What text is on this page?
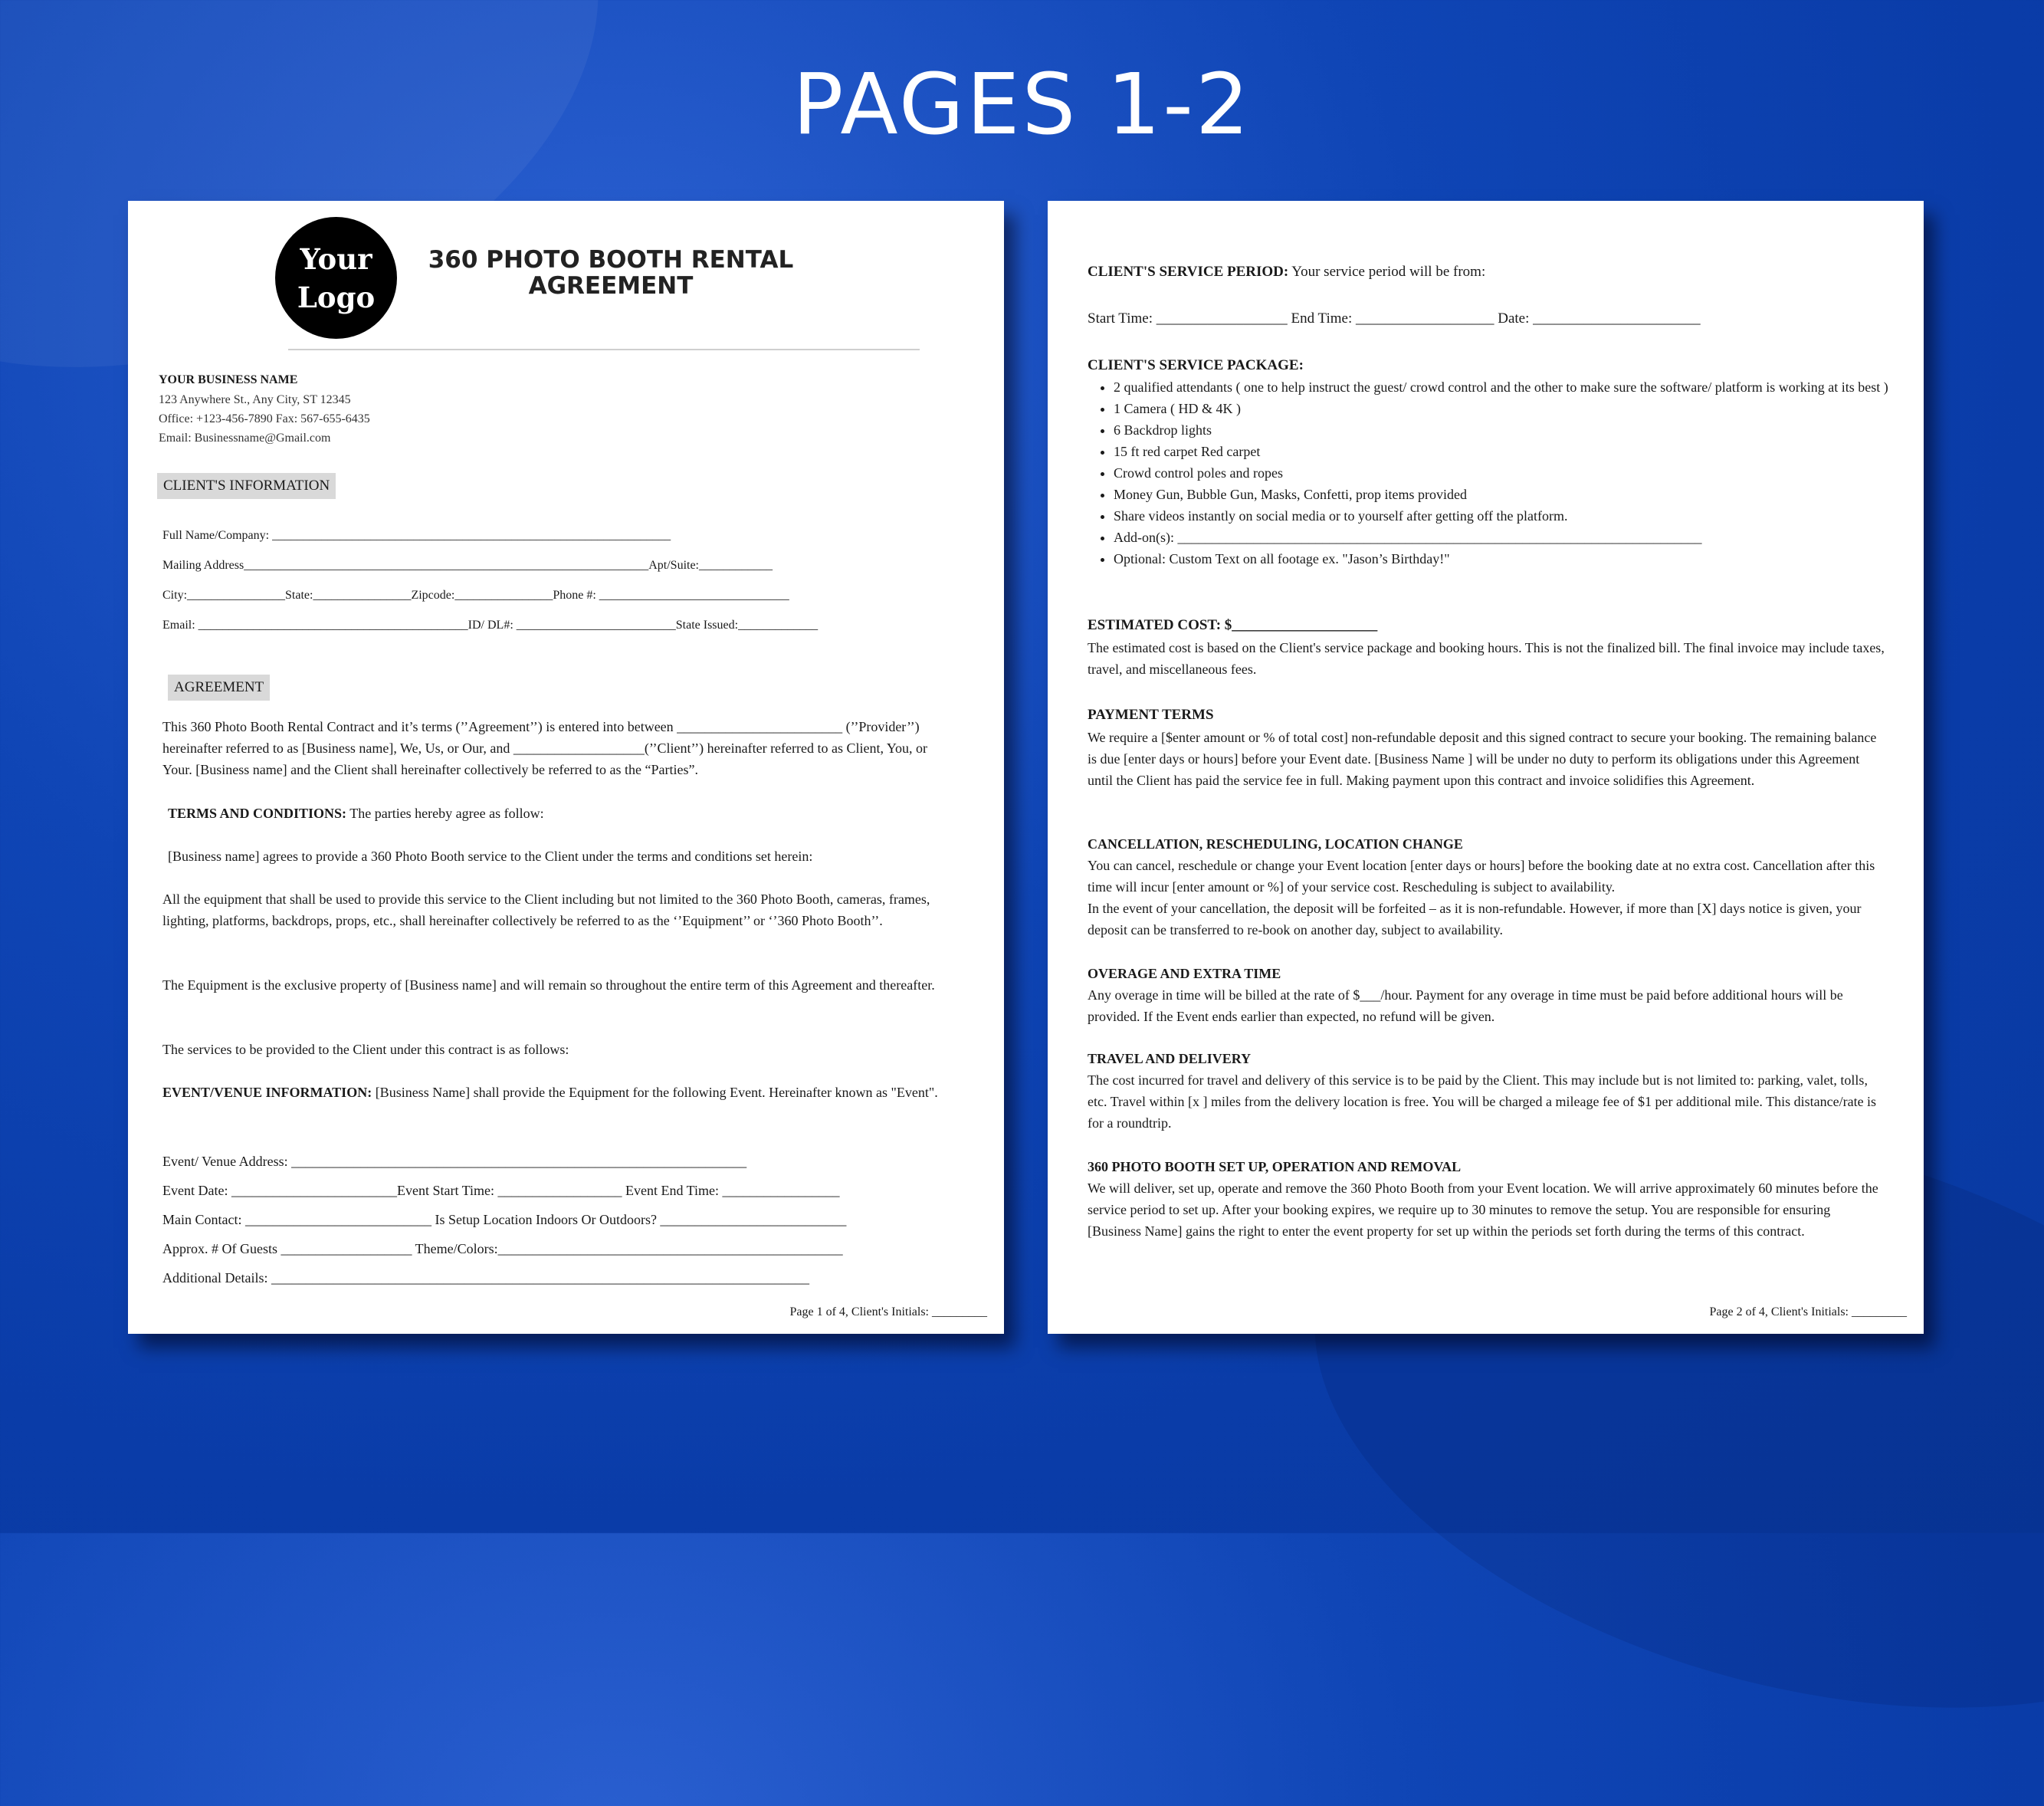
PAGES 1-2
Your
Logo
360 PHOTO BOOTH RENTAL
AGREEMENT
YOUR BUSINESS NAME
123 Anywhere St., Any City, ST 12345
Office: +123-456-7890 Fax: 567-655-6435
Email: Businessname@Gmail.com
CLIENT'S INFORMATION
Full Name/Company: _________________________________________________________________
Mailing Address__________________________________________________________________Apt/Suite:____________
City:________________State:________________Zipcode:________________Phone #: _______________________________
Email: ____________________________________________ID/ DL#: __________________________State Issued:_____________
AGREEMENT
This 360 Photo Booth Rental Contract and it’s terms (’’Agreement’’) is entered into between ________________________ (’’Provider’’) hereinafter referred to as [Business name], We, Us, or Our, and ___________________(’’Client’’) hereinafter referred to as Client, You, or Your. [Business name] and the Client shall hereinafter collectively be referred to as the “Parties”.
TERMS AND CONDITIONS: The parties hereby agree as follow:
[Business name] agrees to provide a 360 Photo Booth service to the Client under the terms and conditions set herein:
All the equipment that shall be used to provide this service to the Client including but not limited to the 360 Photo Booth, cameras, frames, lighting, platforms, backdrops, props, etc., shall hereinafter collectively be referred to as the ‘’Equipment’’ or ‘’360 Photo Booth’’.
The Equipment is the exclusive property of [Business name] and will remain so throughout the entire term of this Agreement and thereafter.
The services to be provided to the Client under this contract is as follows:
EVENT/VENUE INFORMATION: [Business Name] shall provide the Equipment for the following Event. Hereinafter known as "Event".
Event/ Venue Address: __________________________________________________________________
Event Date: ________________________Event Start Time: __________________ Event End Time: _________________
Main Contact: ___________________________ Is Setup Location Indoors Or Outdoors? ___________________________
Approx. # Of Guests ___________________ Theme/Colors:__________________________________________________
Additional Details: ______________________________________________________________________________
Page 1 of 4, Client's Initials: _________
CLIENT'S SERVICE PERIOD: Your service period will be from:
Start Time: __________________ End Time: ___________________ Date: _______________________
CLIENT'S SERVICE PACKAGE:
• 2 qualified attendants ( one to help instruct the guest/ crowd control and the other to make sure the software/ platform is working at its best )
• 1 Camera ( HD & 4K )
• 6 Backdrop lights
• 15 ft red carpet Red carpet
• Crowd control poles and ropes
• Money Gun, Bubble Gun, Masks, Confetti, prop items provided
• Share videos instantly on social media or to yourself after getting off the platform.
• Add-on(s): ____________________________________________________________________________
• Optional: Custom Text on all footage ex. "Jason’s Birthday!"
ESTIMATED COST: $____________________
The estimated cost is based on the Client's service package and booking hours. This is not the finalized bill. The final invoice may include taxes, travel, and miscellaneous fees.
PAYMENT TERMS
We require a [$enter amount or % of total cost] non-refundable deposit and this signed contract to secure your booking. The remaining balance is due [enter days or hours] before your Event date. [Business Name ] will be under no duty to perform its obligations under this Agreement until the Client has paid the service fee in full. Making payment upon this contract and invoice solidifies this Agreement.
CANCELLATION, RESCHEDULING, LOCATION CHANGE
You can cancel, reschedule or change your Event location [enter days or hours] before the booking date at no extra cost. Cancellation after this time will incur [enter amount or %] of your service cost. Rescheduling is subject to availability.
In the event of your cancellation, the deposit will be forfeited – as it is non-refundable. However, if more than [X] days notice is given, your deposit can be transferred to re-book on another day, subject to availability.
OVERAGE AND EXTRA TIME
Any overage in time will be billed at the rate of $___/hour. Payment for any overage in time must be paid before additional hours will be provided. If the Event ends earlier than expected, no refund will be given.
TRAVEL AND DELIVERY
The cost incurred for travel and delivery of this service is to be paid by the Client. This may include but is not limited to: parking, valet, tolls, etc. Travel within [x ] miles from the delivery location is free. You will be charged a mileage fee of $1 per additional mile. This distance/rate is for a roundtrip.
360 PHOTO BOOTH SET UP, OPERATION AND REMOVAL
We will deliver, set up, operate and remove the 360 Photo Booth from your Event location. We will arrive approximately 60 minutes before the service period to set up. After your booking expires, we require up to 30 minutes to remove the setup. You are responsible for ensuring [Business Name] gains the right to enter the event property for set up within the periods set forth during the terms of this contract.
Page 2 of 4, Client's Initials: _________
